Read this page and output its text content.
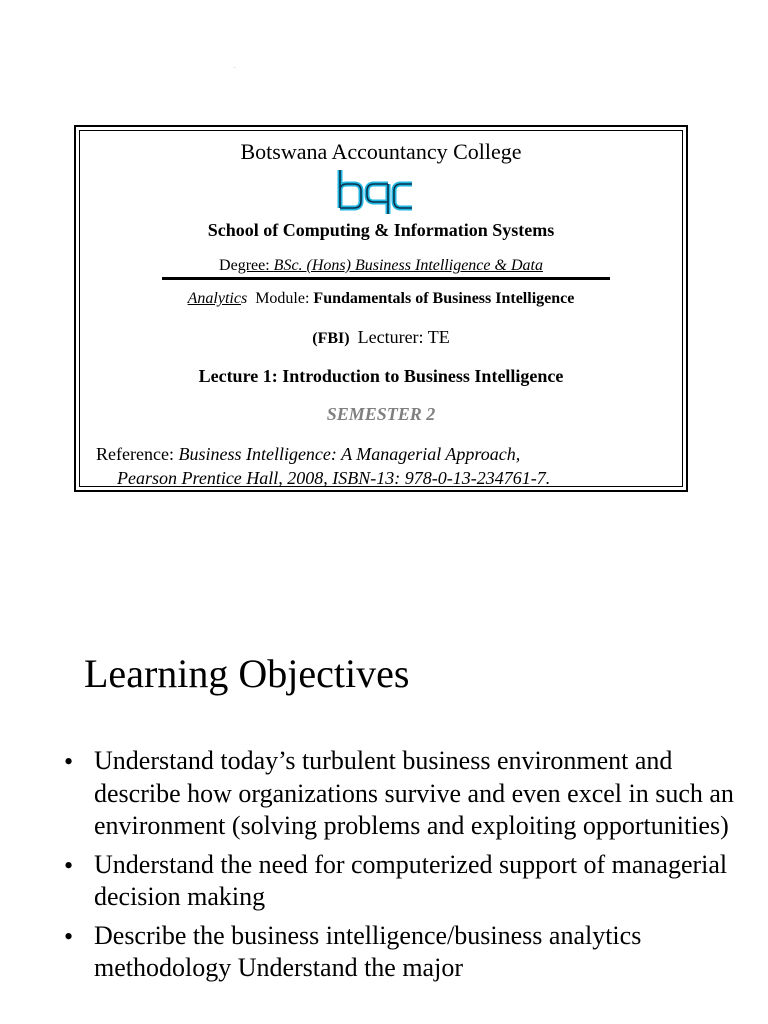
Botswana Accountancy College
bac
School of Computing & Information Systems
Degree: BSc. (Hons) Business Intelligence & Data
Analytics Module: Fundamentals of Business Intelligence
(FBI) Lecturer: TE
Lecture 1: Introduction to Business Intelligence
SEMESTER 2
Reference: Business Intelligence: A Managerial Approach,
Pearson Prentice Hall, 2008, ISBN-13: 978-0-13-234761-7.
Learning Objectives
• Understand today’s turbulent business environment and describe how organizations survive and even excel in such an environment (solving problems and exploiting opportunities)
• Understand the need for computerized support of managerial decision making
• Describe the business intelligence/business analytics methodology Understand the major
